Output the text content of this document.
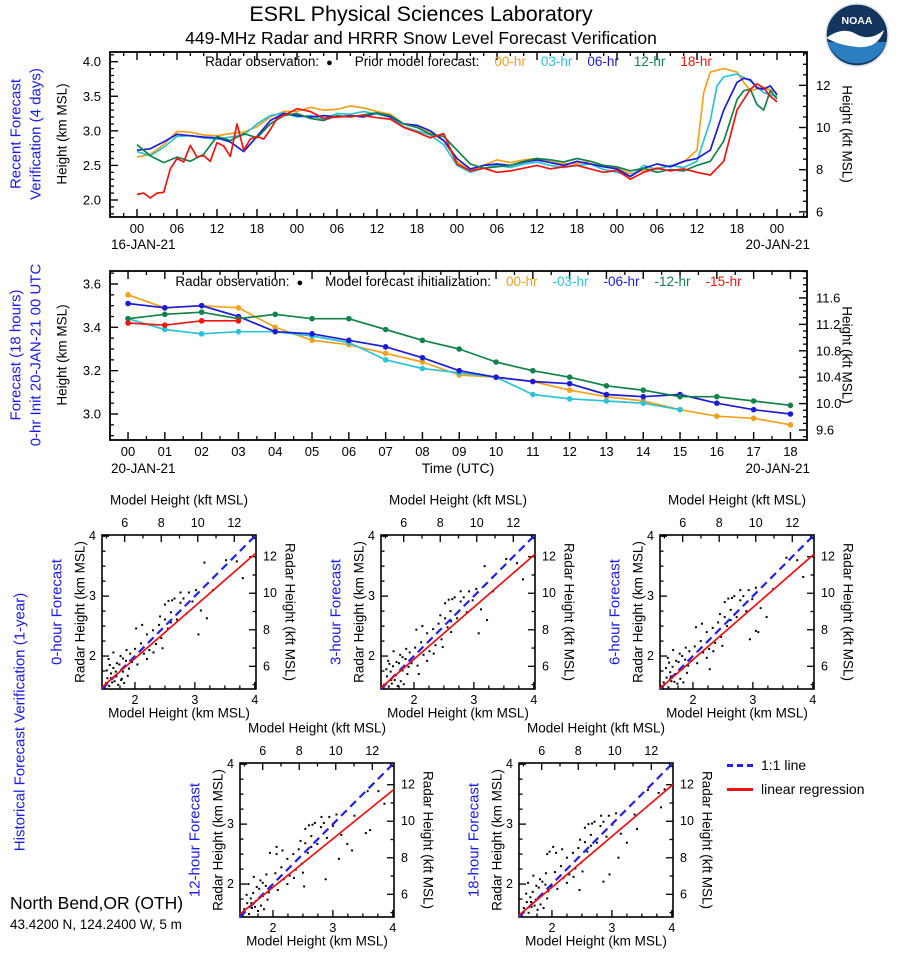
ESRL Physical Sciences Laboratory
449-MHz Radar and HRRR Snow Level Forecast Verification
NOAA
00 06 12 18 00 06 12 18 00 06 12 18 00 06 12 18 00
2.0
2.5
3.0
3.5
4.0
6
8
10
12
00 01 02 03 04 05 06 07 08 09 10 11 12 13 14 15 16 17 18
3.0
3.2
3.4
3.6
9.6
10.0
10.4
10.8
11.2
11.6
2
2
3
3
4
4
6
6
8
8
10
10
12
12
2
2
3
3
4
4
6
6
8
8
10
10
12
12
2
2
3
3
4
4
6
6
8
8
10
10
12
12
2
2
3
3
4
4
6
6
8
8
10
10
12
12
2
2
3
3
4
4
6
6
8
8
10
10
12
12
Recent Forecast Verification (4 days) Height (km MSL)	Height (kft MSL)
Radar observation: ● Prior model forecast:	00-hr 03-hr 06-hr 12-hr 18-hr
16-JAN-21	20-JAN-21
Forecast (18 hours) 0-hr Init 20-JAN-21 00 UTC Height (km MSL)	Height (kft MSL)
Radar observation: ● Model forecast initialization:	00-hr -03-hr -06-hr -12-hr -15-hr
20-JAN-21	Time (UTC)	20-JAN-21
Historical Forecast Verification (1-year)	1:1 line
linear regression
North Bend,OR (OTH)
43.4200 N, 124.2400 W, 5 m
0-hour Forecast Radar Height (km MSL)	Radar Height (kft MSL)
Model Height (kft MSL)
Model Height (km MSL)
3-hour Forecast Radar Height (km MSL)	Radar Height (kft MSL)
Model Height (kft MSL)
Model Height (km MSL)
6-hour Forecast Radar Height (km MSL)	Radar Height (kft MSL)
Model Height (kft MSL)
Model Height (km MSL)
12-hour Forecast Radar Height (km MSL)	Radar Height (kft MSL)
Model Height (kft MSL)
Model Height (km MSL)
18-hour Forecast Radar Height (km MSL)	Radar Height (kft MSL)
Model Height (kft MSL)
Model Height (km MSL)
